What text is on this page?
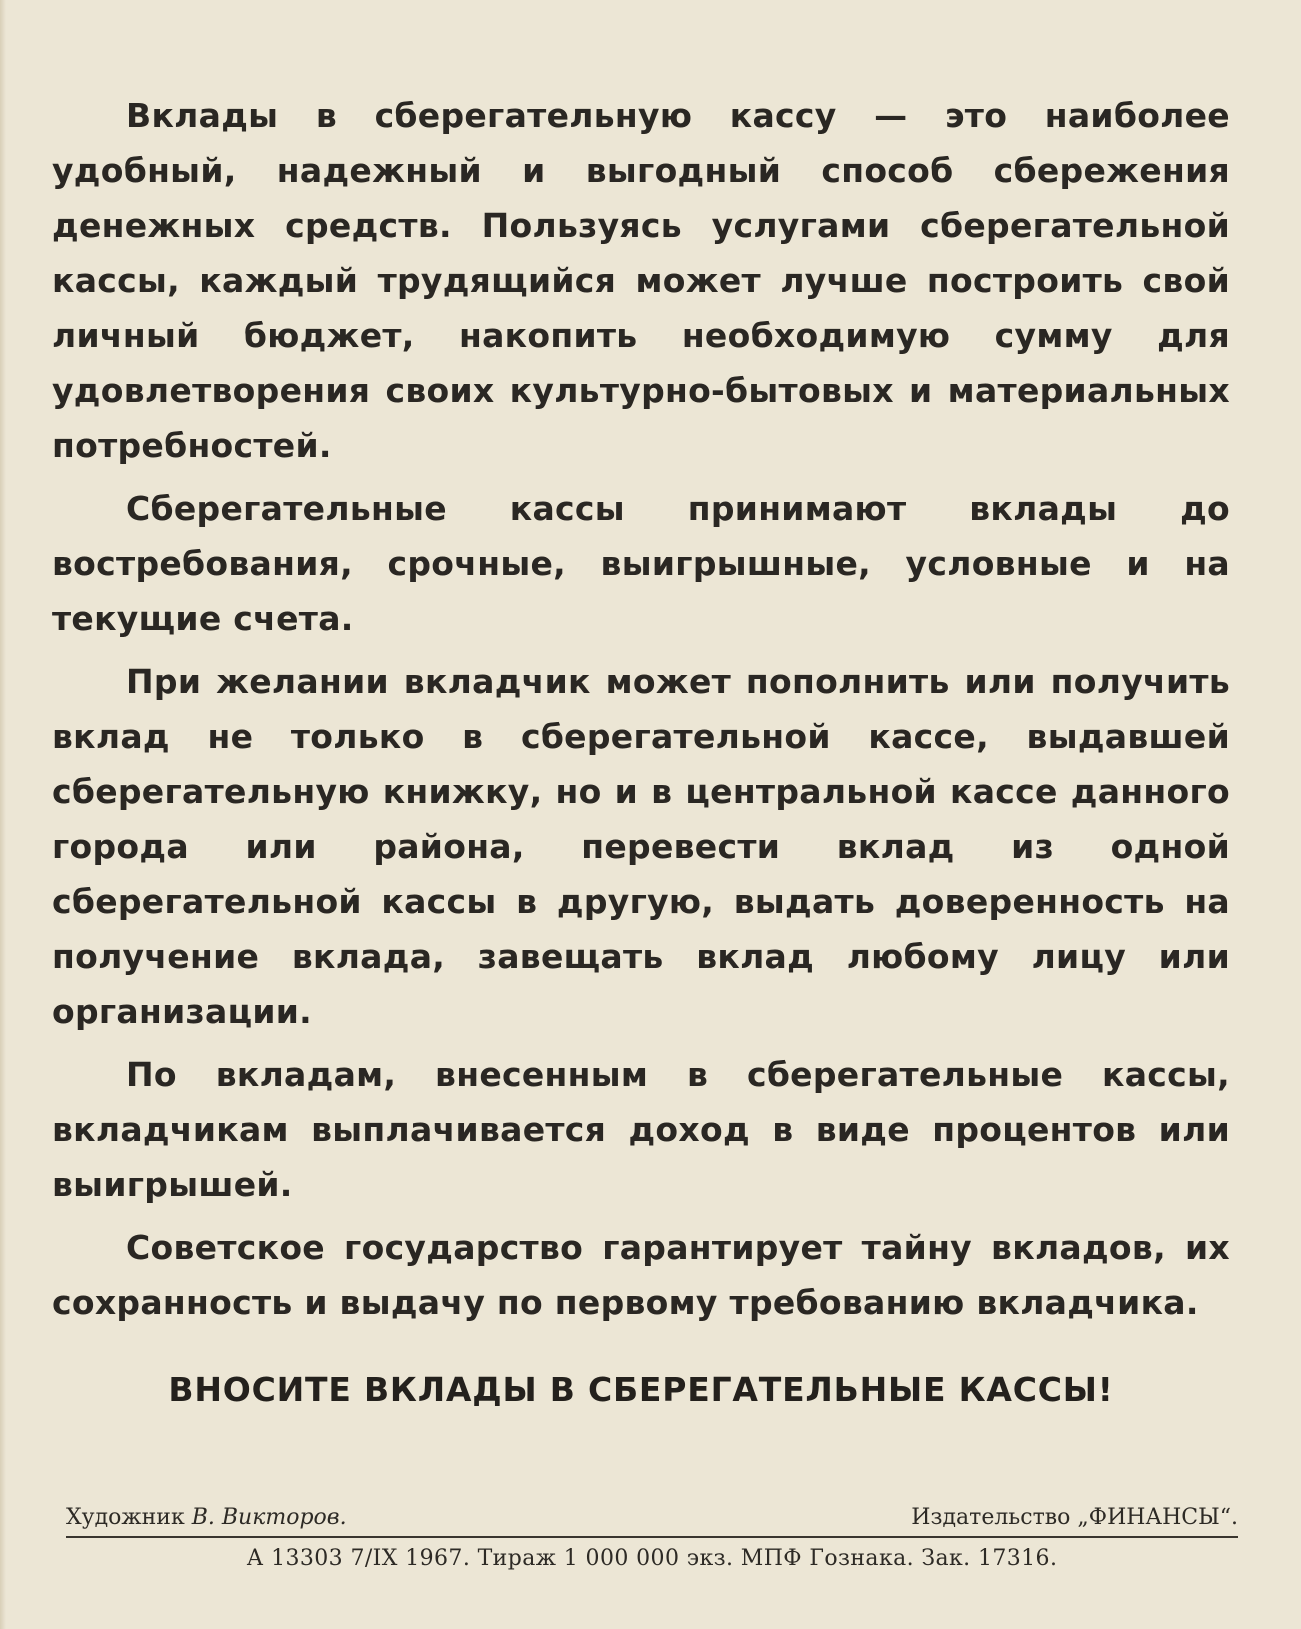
Вклады в сберегательную кассу — это наиболее удобный, надежный и выгодный способ сбережения денежных средств. Пользуясь услугами сберегательной кассы, каждый трудящийся может лучше построить свой личный бюджет, накопить необходимую сумму для удовлетворения своих культурно-бытовых и материальных потребностей.

Сберегательные кассы принимают вклады до востребования, срочные, выигрышные, условные и на текущие счета.

При желании вкладчик может пополнить или получить вклад не только в сберегательной кассе, выдавшей сберегательную книжку, но и в центральной кассе данного города или района, перевести вклад из одной сберегательной кассы в другую, выдать доверенность на получение вклада, завещать вклад любому лицу или организации.

По вкладам, внесенным в сберегательные кассы, вкладчикам выплачивается доход в виде процентов или выигрышей.

Советское государство гарантирует тайну вкладов, их сохранность и выдачу по первому требованию вкладчика.

ВНОСИТЕ ВКЛАДЫ В СБЕРЕГАТЕЛЬНЫЕ КАССЫ!
Художник В. Викторов.	Издательство „ФИНАНСЫ“.
А 13303 7/IX 1967. Тираж 1 000 000 экз. МПФ Гознака. Зак. 17316.
